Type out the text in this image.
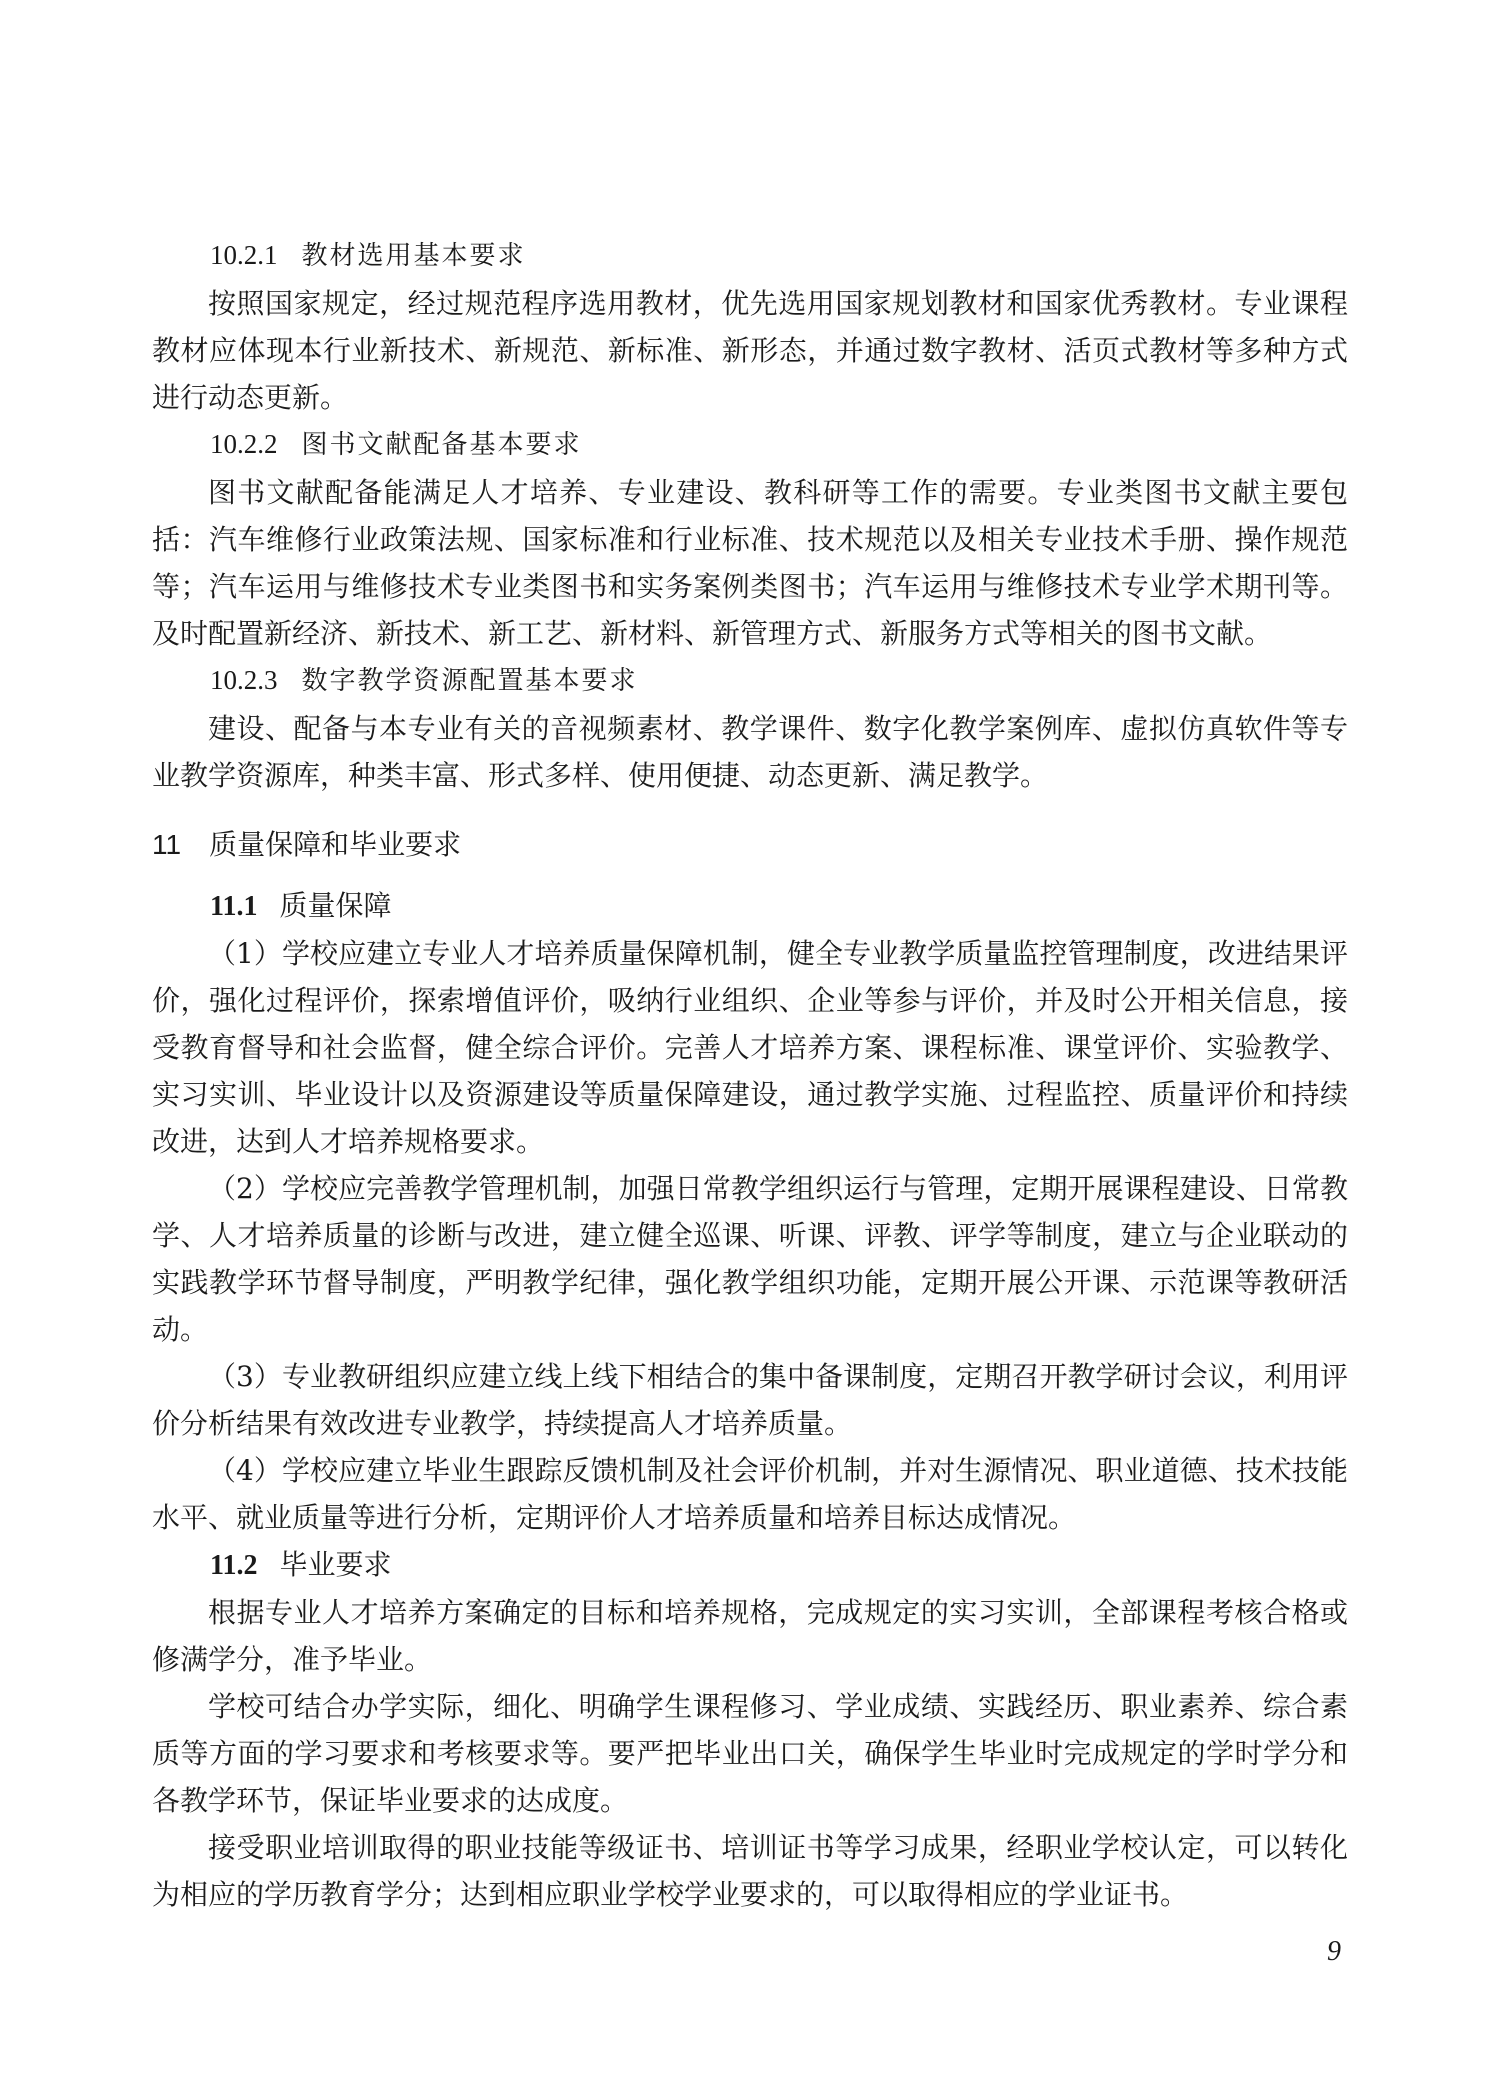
10.2.1 教材选用基本要求

按照国家规定，经过规范程序选用教材，优先选用国家规划教材和国家优秀教材。专业课程教材应体现本行业新技术、新规范、新标准、新形态，并通过数字教材、活页式教材等多种方式进行动态更新。

10.2.2 图书文献配备基本要求

图书文献配备能满足人才培养、专业建设、教科研等工作的需要。专业类图书文献主要包括：汽车维修行业政策法规、国家标准和行业标准、技术规范以及相关专业技术手册、操作规范等；汽车运用与维修技术专业类图书和实务案例类图书；汽车运用与维修技术专业学术期刊等。及时配置新经济、新技术、新工艺、新材料、新管理方式、新服务方式等相关的图书文献。

10.2.3 数字教学资源配置基本要求

建设、配备与本专业有关的音视频素材、教学课件、数字化教学案例库、虚拟仿真软件等专业教学资源库，种类丰富、形式多样、使用便捷、动态更新、满足教学。

11 质量保障和毕业要求

11.1 质量保障

（1）学校应建立专业人才培养质量保障机制，健全专业教学质量监控管理制度，改进结果评价，强化过程评价，探索增值评价，吸纳行业组织、企业等参与评价，并及时公开相关信息，接受教育督导和社会监督，健全综合评价。完善人才培养方案、课程标准、课堂评价、实验教学、实习实训、毕业设计以及资源建设等质量保障建设，通过教学实施、过程监控、质量评价和持续改进，达到人才培养规格要求。

（2）学校应完善教学管理机制，加强日常教学组织运行与管理，定期开展课程建设、日常教学、人才培养质量的诊断与改进，建立健全巡课、听课、评教、评学等制度，建立与企业联动的实践教学环节督导制度，严明教学纪律，强化教学组织功能，定期开展公开课、示范课等教研活动。

（3）专业教研组织应建立线上线下相结合的集中备课制度，定期召开教学研讨会议，利用评价分析结果有效改进专业教学，持续提高人才培养质量。

（4）学校应建立毕业生跟踪反馈机制及社会评价机制，并对生源情况、职业道德、技术技能水平、就业质量等进行分析，定期评价人才培养质量和培养目标达成情况。

11.2 毕业要求

根据专业人才培养方案确定的目标和培养规格，完成规定的实习实训，全部课程考核合格或修满学分，准予毕业。

学校可结合办学实际，细化、明确学生课程修习、学业成绩、实践经历、职业素养、综合素质等方面的学习要求和考核要求等。要严把毕业出口关，确保学生毕业时完成规定的学时学分和各教学环节，保证毕业要求的达成度。

接受职业培训取得的职业技能等级证书、培训证书等学习成果，经职业学校认定，可以转化为相应的学历教育学分；达到相应职业学校学业要求的，可以取得相应的学业证书。

9
